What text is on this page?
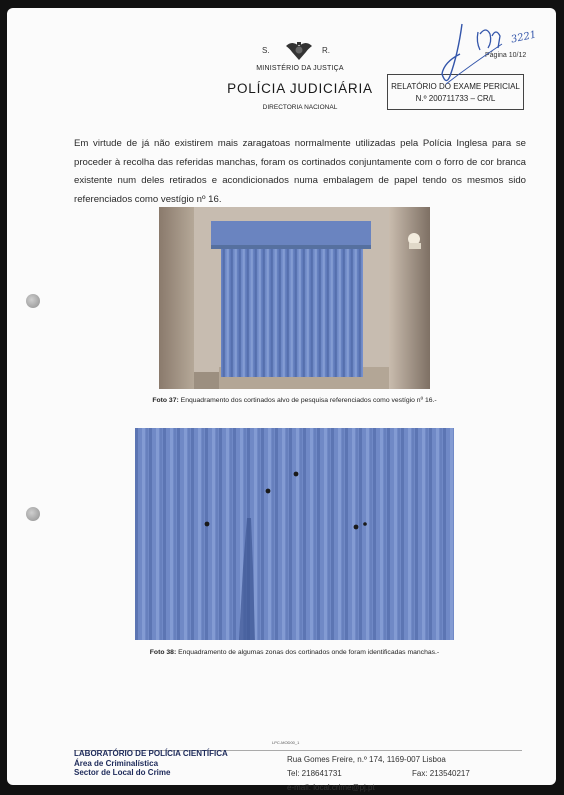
S.	R.
MINISTÉRIO DA JUSTIÇA
POLÍCIA JUDICIÁRIA
DIRECTORIA NACIONAL
RELATÓRIO DO EXAME PERICIAL
N.º 200711733 – CR/L
Página 10/12
3221
Em virtude de já não existirem mais zaragatoas normalmente utilizadas pela Polícia Inglesa para se proceder à recolha das referidas manchas, foram os cortinados conjuntamente com o forro de cor branca existente num deles retirados e acondicionados numa embalagem de papel tendo os mesmos sido referenciados como vestígio nº 16.
Foto 37: Enquadramento dos cortinados alvo de pesquisa referenciados como vestígio nº 16.-
Foto 38: Enquadramento de algumas zonas dos cortinados onde foram identificadas manchas.-
LPC-MOD00_1
LABORATÓRIO DE POLÍCIA CIENTÍFICA
Área de Criminalística
Sector de Local do Crime
Rua Gomes Freire, n.º 174, 1169-007 Lisboa
Tel: 218641731	Fax: 213540217
e-mail: local.crime@pj.pt
